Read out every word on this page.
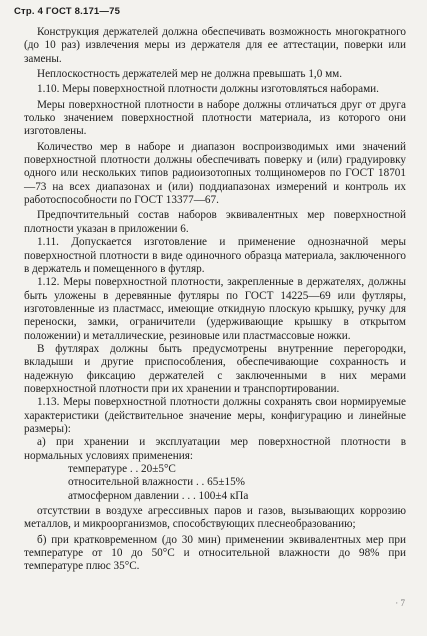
Стр. 4 ГОСТ 8.171—75

Конструкция держателей должна обеспечивать возможность многократного (до 10 раз) извлечения меры из держателя для ее аттестации, поверки или замены.

Неплоскостность держателей мер не должна превышать 1,0 мм.

1.10. Меры поверхностной плотности должны изготовляться наборами.

Меры поверхностной плотности в наборе должны отличаться друг от друга только значением поверхностной плотности материала, из которого они изготовлены.

Количество мер в наборе и диапазон воспроизводимых ими значений поверхностной плотности должны обеспечивать поверку и (или) градуировку одного или нескольких типов радиоизотопных толщиномеров по ГОСТ 18701—73 на всех диапазонах и (или) поддиапазонах измерений и контроль их работоспособности по ГОСТ 13377—67.

Предпочтительный состав наборов эквивалентных мер поверхностной плотности указан в приложении 6.

1.11. Допускается изготовление и применение однозначной меры поверхностной плотности в виде одиночного образца материала, заключенного в держатель и помещенного в футляр.

1.12. Меры поверхностной плотности, закрепленные в держателях, должны быть уложены в деревянные футляры по ГОСТ 14225—69 или футляры, изготовленные из пластмасс, имеющие откидную плоскую крышку, ручку для переноски, замки, ограничители (удерживающие крышку в открытом положении) и металлические, резиновые или пластмассовые ножки.

В футлярах должны быть предусмотрены внутренние перегородки, вкладыши и другие приспособления, обеспечивающие сохранность и надежную фиксацию держателей с заключенными в них мерами поверхностной плотности при их хранении и транспортировании.

1.13. Меры поверхностной плотности должны сохранять свои нормируемые характеристики (действительное значение меры, конфигурацию и линейные размеры):

а) при хранении и эксплуатации мер поверхностной плотности в нормальных условиях применения:

температуре . . 20±5°С

относительной влажности . . 65±15%

атмосферном давлении . . . 100±4 кПа

отсутствии в воздухе агрессивных паров и газов, вызывающих коррозию металлов, и микроорганизмов, способствующих плеснеобразованию;

б) при кратковременном (до 30 мин) применении эквивалентных мер при температуре от 10 до 50°С и относительной влажности до 98% при температуре плюс 35°С.

· 7
